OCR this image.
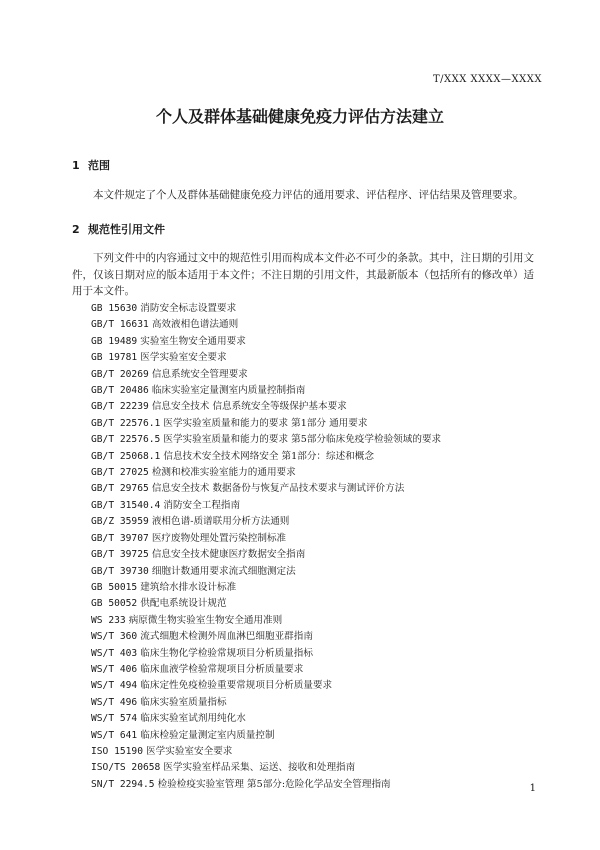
T/XXX XXXX—XXXX
个人及群体基础健康免疫力评估方法建立
1 范围
本文件规定了个人及群体基础健康免疫力评估的通用要求、评估程序、评估结果及管理要求。
2 规范性引用文件
下列文件中的内容通过文中的规范性引用而构成本文件必不可少的条款。其中，注日期的引用文件，仅该日期对应的版本适用于本文件；不注日期的引用文件，其最新版本（包括所有的修改单）适用于本文件。
GB 15630 消防安全标志设置要求
GB/T 16631 高效液相色谱法通则
GB 19489 实验室生物安全通用要求
GB 19781 医学实验室安全要求
GB/T 20269 信息系统安全管理要求
GB/T 20486 临床实验室定量测室内质量控制指南
GB/T 22239 信息安全技术 信息系统安全等级保护基本要求
GB/T 22576.1 医学实验室质量和能力的要求 第1部分 通用要求
GB/T 22576.5 医学实验室质量和能力的要求 第5部分临床免疫学检验领域的要求
GB/T 25068.1 信息技术安全技术网络安全 第1部分：综述和概念
GB/T 27025 检测和校准实验室能力的通用要求
GB/T 29765 信息安全技术 数据备份与恢复产品技术要求与测试评价方法
GB/T 31540.4 消防安全工程指南
GB/Z 35959 液相色谱-质谱联用分析方法通则
GB/T 39707 医疗废物处理处置污染控制标准
GB/T 39725 信息安全技术健康医疗数据安全指南
GB/T 39730 细胞计数通用要求流式细胞测定法
GB 50015 建筑给水排水设计标准
GB 50052 供配电系统设计规范
WS 233 病原微生物实验室生物安全通用准则
WS/T 360 流式细胞术检测外周血淋巴细胞亚群指南
WS/T 403 临床生物化学检验常规项目分析质量指标
WS/T 406 临床血液学检验常规项目分析质量要求
WS/T 494 临床定性免疫检验重要常规项目分析质量要求
WS/T 496 临床实验室质量指标
WS/T 574 临床实验室试剂用纯化水
WS/T 641 临床检验定量测定室内质量控制
ISO 15190 医学实验室安全要求
ISO/TS 20658 医学实验室样品采集、运送、接收和处理指南
SN/T 2294.5 检验检疫实验室管理 第5部分:危险化学品安全管理指南	1
